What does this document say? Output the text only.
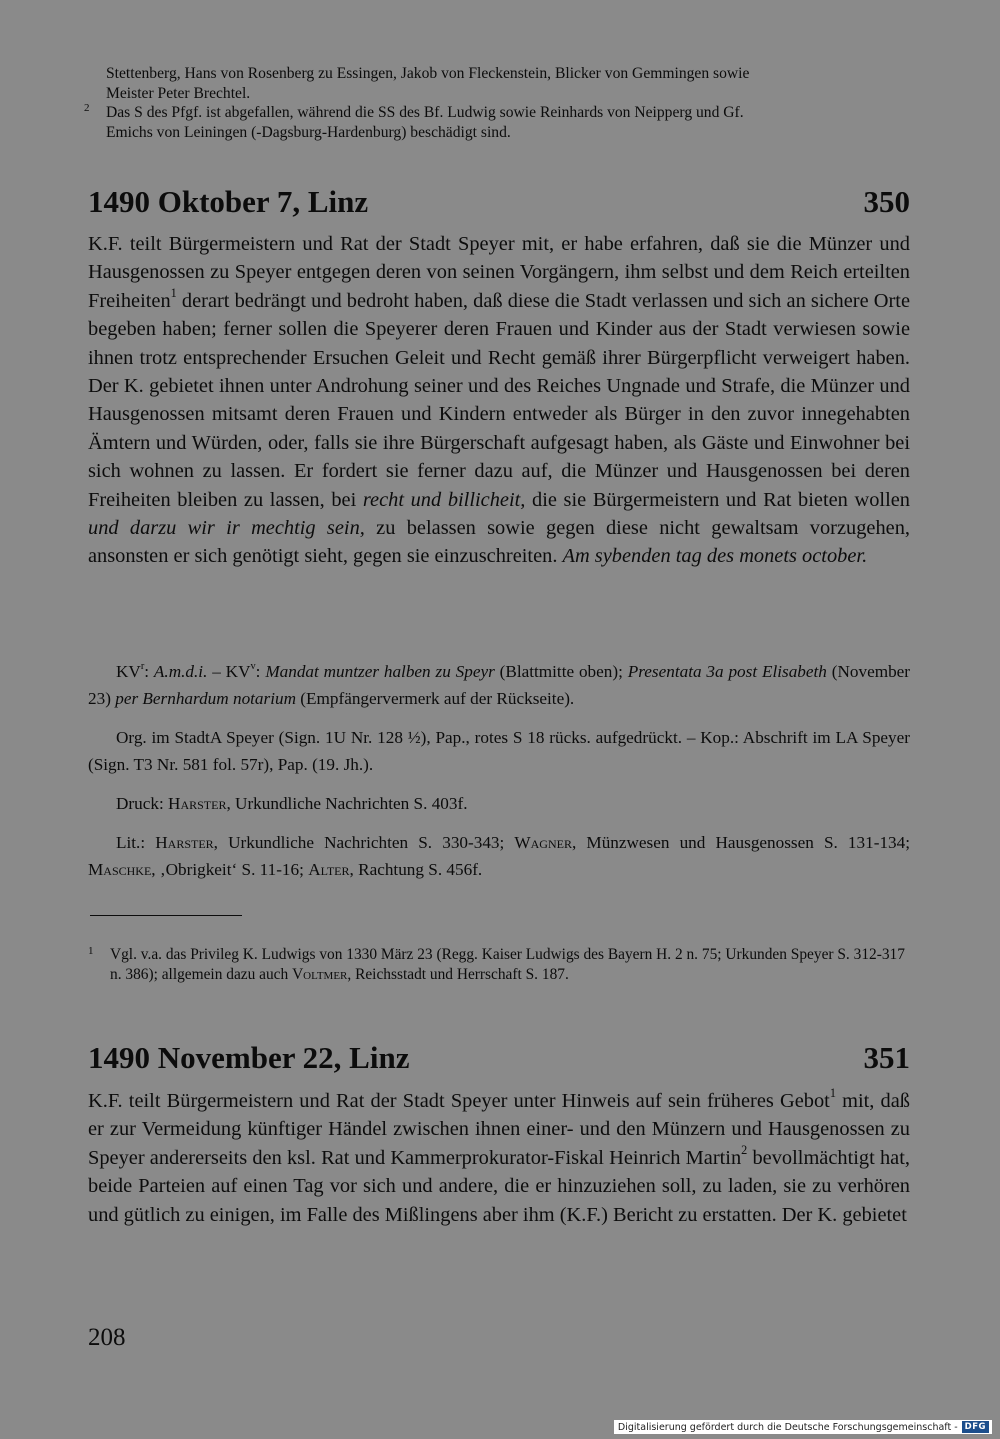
Stettenberg, Hans von Rosenberg zu Essingen, Jakob von Fleckenstein, Blicker von Gemmingen sowie
Meister Peter Brechtel.
2 Das S des Pfgf. ist abgefallen, während die SS des Bf. Ludwig sowie Reinhards von Neipperg und Gf.
Emichs von Leiningen (-Dagsburg-Hardenburg) beschädigt sind.
1490 Oktober 7, Linz	350
K.F. teilt Bürgermeistern und Rat der Stadt Speyer mit, er habe erfahren, daß sie die Münzer und Hausgenossen zu Speyer entgegen deren von seinen Vorgängern, ihm selbst und dem Reich erteilten Freiheiten$^1$ derart bedrängt und bedroht haben, daß diese die Stadt verlassen und sich an sichere Orte begeben haben; ferner sollen die Speyerer deren Frauen und Kinder aus der Stadt verwiesen sowie ihnen trotz entsprechender Ersuchen Geleit und Recht gemäß ihrer Bürgerpflicht verweigert haben. Der K. gebietet ihnen unter Androhung seiner und des Reiches Ungnade und Strafe, die Münzer und Hausgenossen mitsamt deren Frauen und Kindern entweder als Bürger in den zuvor innegehabten Ämtern und Würden, oder, falls sie ihre Bürgerschaft aufgesagt haben, als Gäste und Einwohner bei sich wohnen zu lassen. Er fordert sie ferner dazu auf, die Münzer und Hausgenossen bei deren Freiheiten bleiben zu lassen, bei recht und billicheit, die sie Bürgermeistern und Rat bieten wollen und darzu wir ir mechtig sein, zu belassen sowie gegen diese nicht gewaltsam vorzugehen, ansonsten er sich genötigt sieht, gegen sie einzuschreiten. Am sybenden tag des monets october.

$KV^r$: A.m.d.i. – $KV^v$: Mandat muntzer halben zu Speyr (Blattmitte oben); Presentata 3a post Elisabeth (November 23) per Bernhardum notarium (Empfängervermerk auf der Rückseite).

Org. im StadtA Speyer (Sign. 1U Nr. 128 ½), Pap., rotes S 18 rücks. aufgedrückt. – Kop.: Abschrift im LA Speyer (Sign. T3 Nr. 581 fol. 57r), Pap. (19. Jh.).

Druck: Harster, Urkundliche Nachrichten S. 403f.

Lit.: Harster, Urkundliche Nachrichten S. 330-343; Wagner, Münzwesen und Hausgenossen S. 131-134; Maschke, ‚Obrigkeit‘ S. 11-16; Alter, Rachtung S. 456f.

1 Vgl. v.a. das Privileg K. Ludwigs von 1330 März 23 (Regg. Kaiser Ludwigs des Bayern H. 2 n. 75; Urkunden Speyer S. 312-317 n. 386); allgemein dazu auch Voltmer, Reichsstadt und Herrschaft S. 187.
1490 November 22, Linz	351
K.F. teilt Bürgermeistern und Rat der Stadt Speyer unter Hinweis auf sein früheres Gebot$^1$ mit, daß er zur Vermeidung künftiger Händel zwischen ihnen einer- und den Münzern und Hausgenossen zu Speyer andererseits den ksl. Rat und Kammerprokurator-Fiskal Heinrich Martin$^2$ bevollmächtigt hat, beide Parteien auf einen Tag vor sich und andere, die er hinzuziehen soll, zu laden, sie zu verhören und gütlich zu einigen, im Falle des Mißlingens aber ihm (K.F.) Bericht zu erstatten. Der K. gebietet
208
Digitalisierung gefördert durch die Deutsche Forschungsgemeinschaft - DFG
